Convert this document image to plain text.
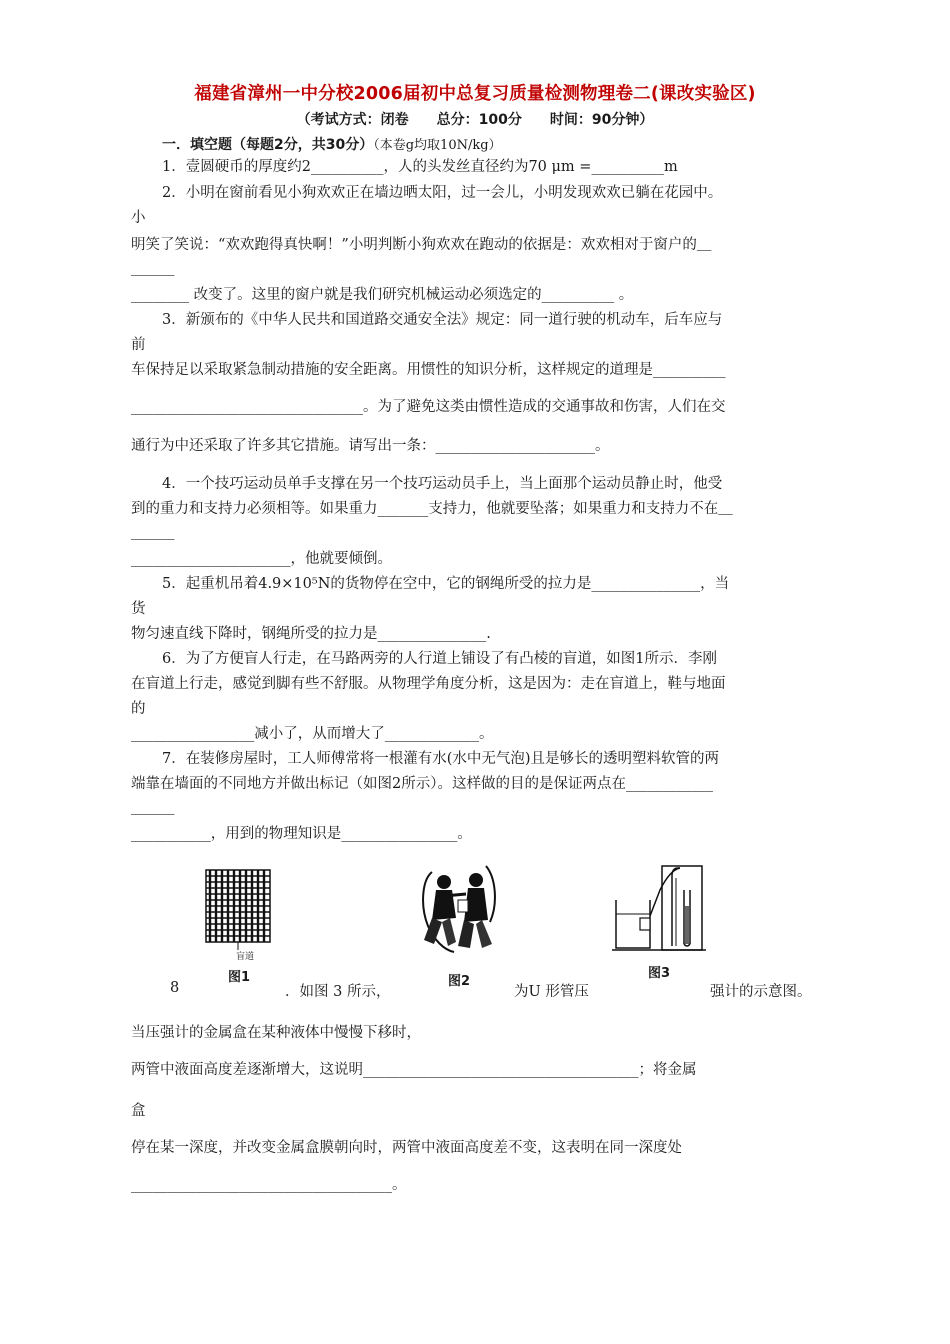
福建省漳州一中分校2006届初中总复习质量检测物理卷二(课改实验区)
（考试方式：闭卷　　总分：100分　　时间：90分钟）
一．填空题（每题2分，共30分）（本卷g均取10N/kg）
1．壹圆硬币的厚度约2__________，人的头发丝直径约为70 μm =__________m
2．小明在窗前看见小狗欢欢正在墙边晒太阳，过一会儿，小明发现欢欢已躺在花园中。
小
明笑了笑说：“欢欢跑得真快啊！”小明判断小狗欢欢在跑动的依据是：欢欢相对于窗户的＿
＿＿＿
________ 改变了。这里的窗户就是我们研究机械运动必须选定的__________ 。
3．新颁布的《中华人民共和国道路交通安全法》规定：同一道行驶的机动车，后车应与
前
车保持足以采取紧急制动措施的安全距离。用惯性的知识分析，这样规定的道理是__________
________________________________。为了避免这类由惯性造成的交通事故和伤害，人们在交
通行为中还采取了许多其它措施。请写出一条：______________________。
4．一个技巧运动员单手支撑在另一个技巧运动员手上，当上面那个运动员静止时，他受
到的重力和支持力必须相等。如果重力_______支持力，他就要坠落；如果重力和支持力不在＿
＿＿＿
______________________，他就要倾倒。
5．起重机吊着4.9×10⁵N的货物停在空中，它的钢绳所受的拉力是_______________，当
货
物匀速直线下降时，钢绳所受的拉力是_______________.
6．为了方便盲人行走，在马路两旁的人行道上铺设了有凸棱的盲道，如图1所示．李刚
在盲道上行走，感觉到脚有些不舒服。从物理学角度分析，这是因为：走在盲道上，鞋与地面
的
_________________减小了，从而增大了_____________。
7．在装修房屋时，工人师傅常将一根灌有水(水中无气泡)且是够长的透明塑料软管的两
端靠在墙面的不同地方并做出标记（如图2所示）。这样做的目的是保证两点在____________
＿＿＿
___________，用到的物理知识是________________。
盲道
图1	图2
图3
8	．如图 3 所示，	为U 形管压	强计的示意图。
当压强计的金属盒在某种液体中慢慢下移时，
两管中液面高度差逐渐增大，这说明______________________________________；将金属
盒
停在某一深度，并改变金属盒膜朝向时，两管中液面高度差不变，这表明在同一深度处
____________________________________。
